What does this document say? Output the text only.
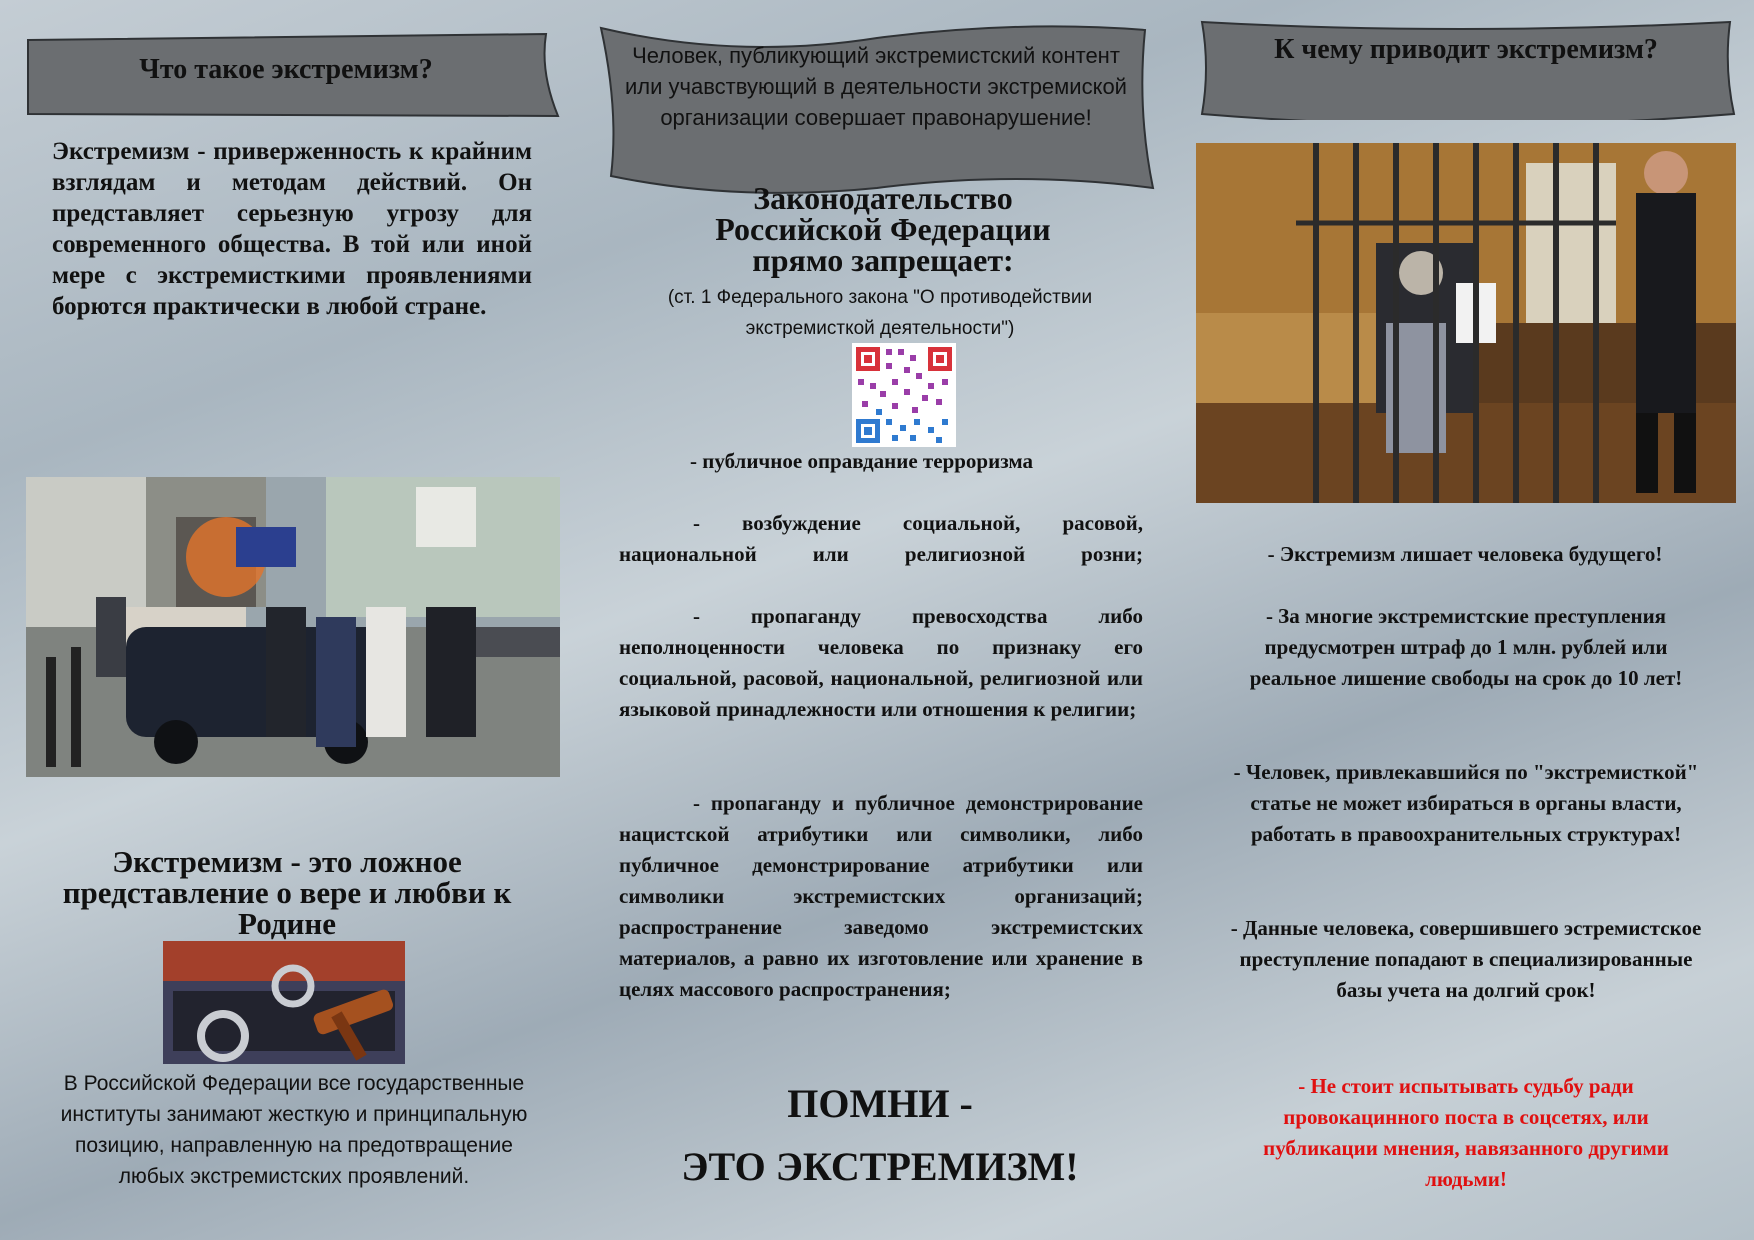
Что такое экстремизм?
Экстремизм - приверженность к крайним взглядам и методам действий. Он представляет серьезную угрозу для современного общества. В той или иной мере с экстремисткими проявлениями борются практически в любой стране.
Экстремизм - это ложное представление о вере и любви к Родине
В Российской Федерации все государственные институты занимают жесткую и принципальную позицию, направленную на предотвращение любых экстремистских проявлений.
Человек, публикующий экстремистский контент или учавствующий в деятельности экстремиской организации совершает правонарушение!
Законодательство Российской Федерации прямо запрещает:
(ст. 1 Федерального закона "О противодействии экстремисткой деятельности")
- публичное оправдание терроризма
- возбуждение социальной, расовой, национальной или религиозной розни;
- пропаганду превосходства либо неполноценности человека по признаку его социальной, расовой, национальной, религиозной или языковой принадлежности или отношения к религии;
- пропаганду и публичное демонстрирование нацистской атрибутики или символики, либо публичное демонстрирование атрибутики или символики экстремистских организаций; распространение заведомо экстремистских материалов, а равно их изготовление или хранение в целях массового распространения;
ПОМНИ -
ЭТО ЭКСТРЕМИЗМ!
К чему приводит экстремизм?
- Экстремизм лишает человека будущего!
- За многие экстремистские преступления предусмотрен штраф до 1 млн. рублей или реальное лишение свободы на срок до 10 лет!
- Человек, привлекавшийся по "экстремисткой" статье не может избираться в органы власти, работать в правоохранительных структурах!
- Данные человека, совершившего эстремистское преступление попадают в специализированные базы учета на долгий срок!
- Не стоит испытывать судьбу ради провокацинного поста в соцсетях, или публикации мнения, навязанного другими людьми!
